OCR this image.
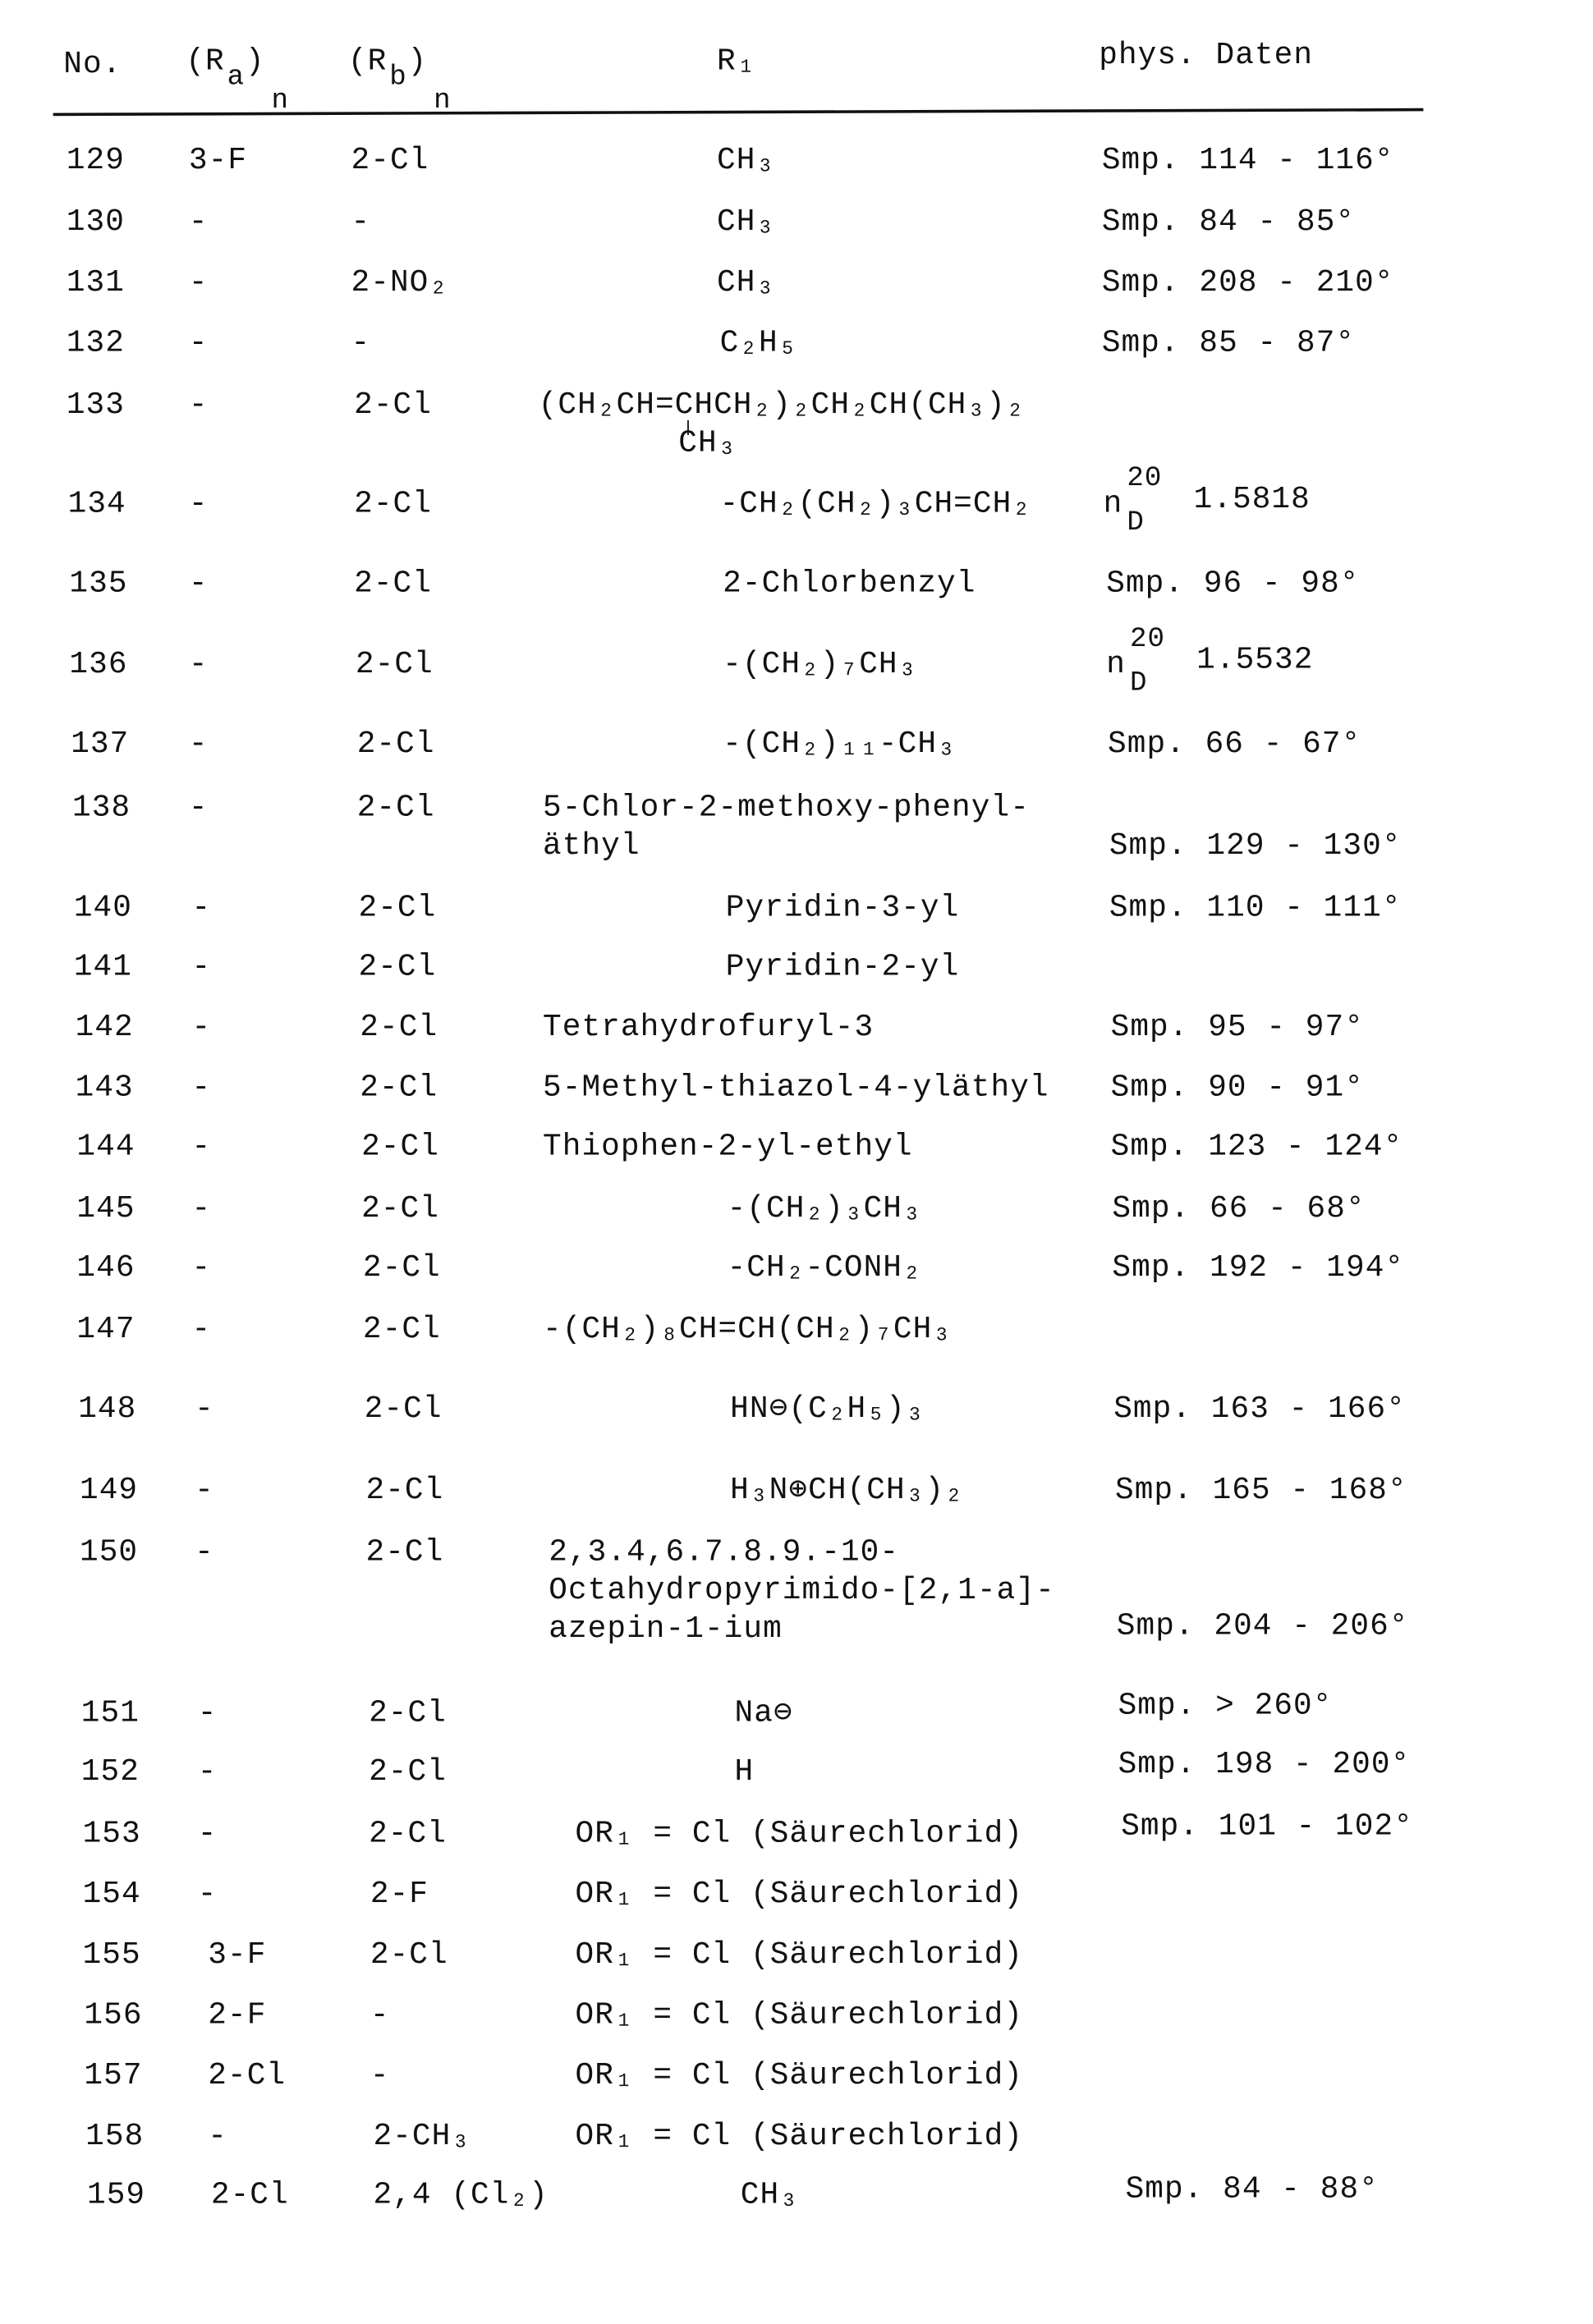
No.	(R a )
n
(R b )
n
R₁	phys. Daten
129	3-F	2-Cl	CH₃	Smp. 114 - 116°
130	-	-	CH₃	Smp. 84 - 85°
131	-	2-NO₂	CH₃	Smp. 208 - 210°
132	-	-	C₂H₅	Smp. 85 - 87°
133	-	2-Cl	(CH₂CH=CHCH₂)₂CH₂CH(CH₃)₂
CH₃
134	-	2-Cl	-CH₂(CH₂)₃CH=CH₂	n
20
D
1.5818
135	-	2-Cl	2-Chlorbenzyl	Smp. 96 - 98°
136	-	2-Cl	-(CH₂)₇CH₃	n
20
D
1.5532
137	-	2-Cl	-(CH₂)₁₁-CH₃	Smp. 66 - 67°
138	-	2-Cl	5-Chlor-2-methoxy-phenyl-
äthyl	Smp. 129 - 130°
140	-	2-Cl	Pyridin-3-yl	Smp. 110 - 111°
141	-	2-Cl	Pyridin-2-yl
142	-	2-Cl	Tetrahydrofuryl-3	Smp. 95 - 97°
143	-	2-Cl	5-Methyl-thiazol-4-yläthyl	Smp. 90 - 91°
144	-	2-Cl	Thiophen-2-yl-ethyl	Smp. 123 - 124°
145	-	2-Cl	-(CH₂)₃CH₃	Smp. 66 - 68°
146	-	2-Cl	-CH₂-CONH₂	Smp. 192 - 194°
147	-	2-Cl	-(CH₂)₈CH=CH(CH₂)₇CH₃
148	-	2-Cl	HN⊖(C₂H₅)₃	Smp. 163 - 166°
149	-	2-Cl	H₃N⊕CH(CH₃)₂	Smp. 165 - 168°
150	-	2-Cl	2,3.4,6.7.8.9.-10-
Octahydropyrimido-[2,1-a]-
azepin-1-ium	Smp. 204 - 206°
151	-	2-Cl	Na⊖	Smp. > 260°
152	-	2-Cl	H	Smp. 198 - 200°
153	-	2-Cl	OR₁ = Cl (Säurechlorid)	Smp. 101 - 102°
154	-	2-F	OR₁ = Cl (Säurechlorid)
155	3-F	2-Cl	OR₁ = Cl (Säurechlorid)
156	2-F	-	OR₁ = Cl (Säurechlorid)
157	2-Cl	-	OR₁ = Cl (Säurechlorid)
158	-	2-CH₃	OR₁ = Cl (Säurechlorid)
159	2-Cl	2,4 (Cl₂)	CH₃	Smp. 84 - 88°
